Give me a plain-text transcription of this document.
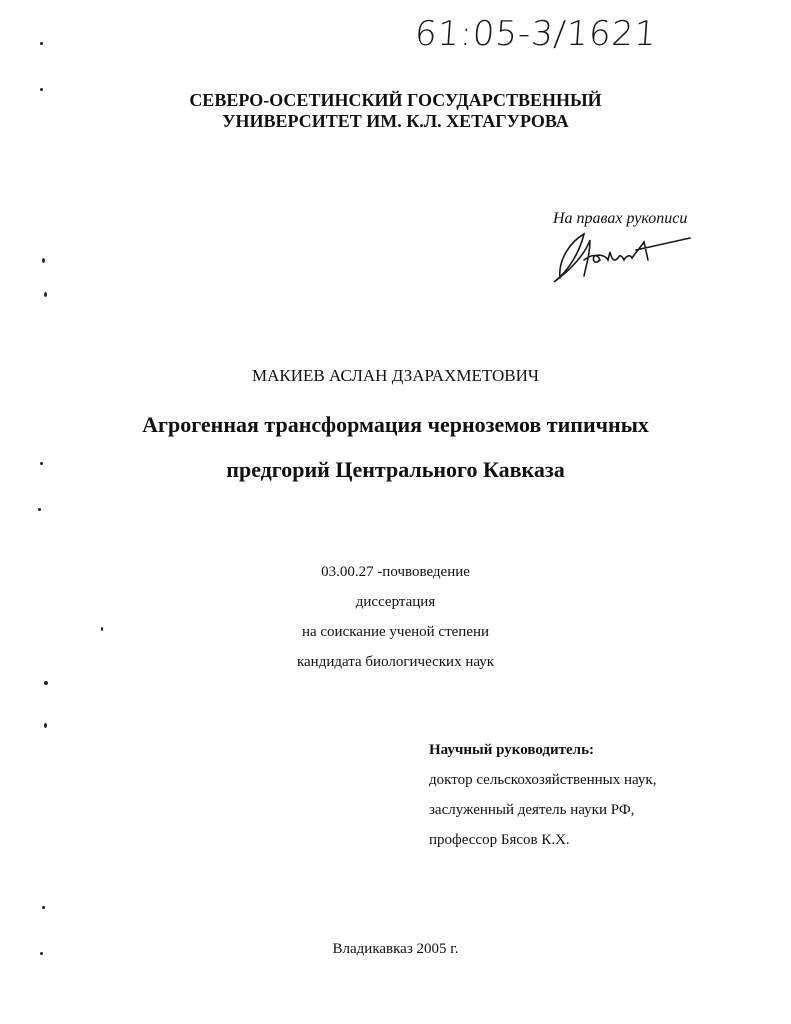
61:05-3/1621
СЕВЕРО-ОСЕТИНСКИЙ ГОСУДАРСТВЕННЫЙ
УНИВЕРСИТЕТ ИМ. К.Л. ХЕТАГУРОВА
На правах рукописи
МАКИЕВ АСЛАН ДЗАРАХМЕТОВИЧ
Агрогенная трансформация черноземов типичных
предгорий Центрального Кавказа
03.00.27 -почвоведение
диссертация
на соискание ученой степени
кандидата биологических наук
Научный руководитель:
доктор сельскохозяйственных наук,
заслуженный деятель науки РФ,
профессор Бясов К.Х.
Владикавказ 2005 г.
